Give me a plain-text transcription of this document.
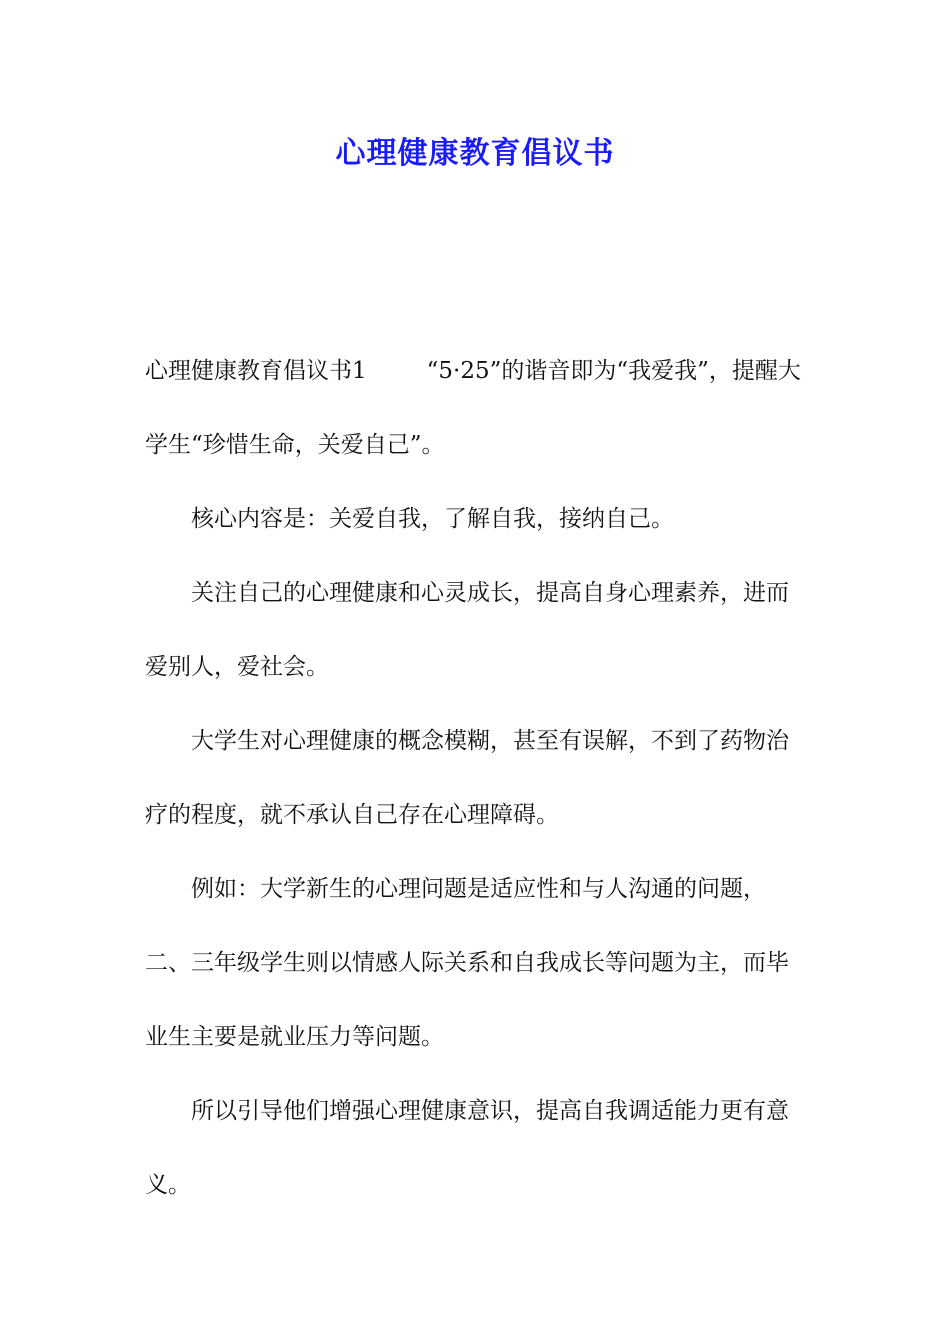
心理健康教育倡议书

心理健康教育倡议书1	“5·25”的谐音即为“我爱我”，提醒大学生“珍惜生命，关爱自己”。

核心内容是：关爱自我，了解自我，接纳自己。

关注自己的心理健康和心灵成长，提高自身心理素养，进而爱别人，爱社会。

大学生对心理健康的概念模糊，甚至有误解，不到了药物治疗的程度，就不承认自己存在心理障碍。

例如：大学新生的心理问题是适应性和与人沟通的问题，二、三年级学生则以情感人际关系和自我成长等问题为主，而毕业生主要是就业压力等问题。

所以引导他们增强心理健康意识，提高自我调适能力更有意义。
